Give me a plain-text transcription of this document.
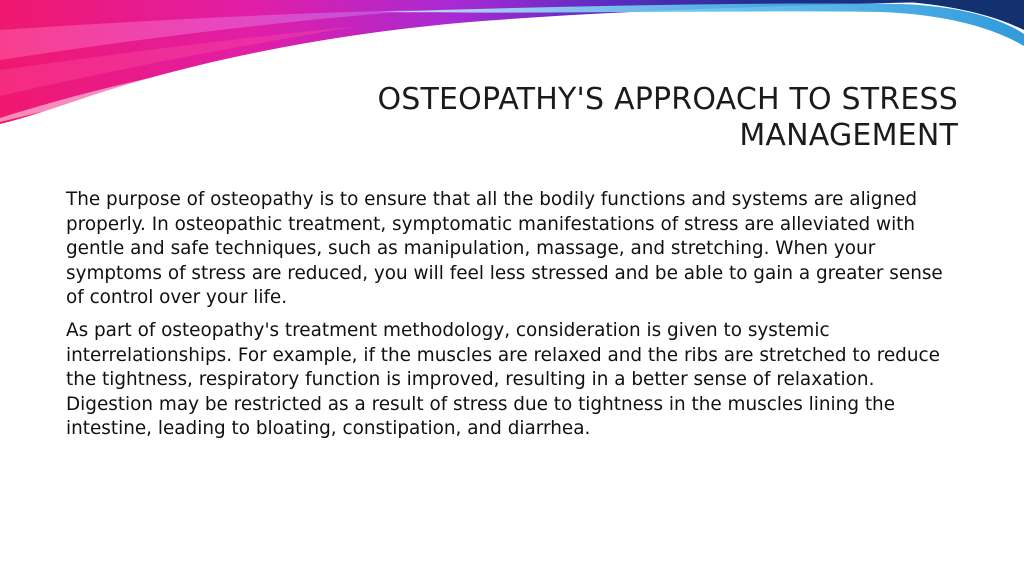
OSTEOPATHY'S APPROACH TO STRESS
MANAGEMENT

The purpose of osteopathy is to ensure that all the bodily functions and systems are aligned properly. In osteopathic treatment, symptomatic manifestations of stress are alleviated with gentle and safe techniques, such as manipulation, massage, and stretching. When your symptoms of stress are reduced, you will feel less stressed and be able to gain a greater sense of control over your life.

As part of osteopathy's treatment methodology, consideration is given to systemic interrelationships. For example, if the muscles are relaxed and the ribs are stretched to reduce the tightness, respiratory function is improved, resulting in a better sense of relaxation. Digestion may be restricted as a result of stress due to tightness in the muscles lining the intestine, leading to bloating, constipation, and diarrhea.
